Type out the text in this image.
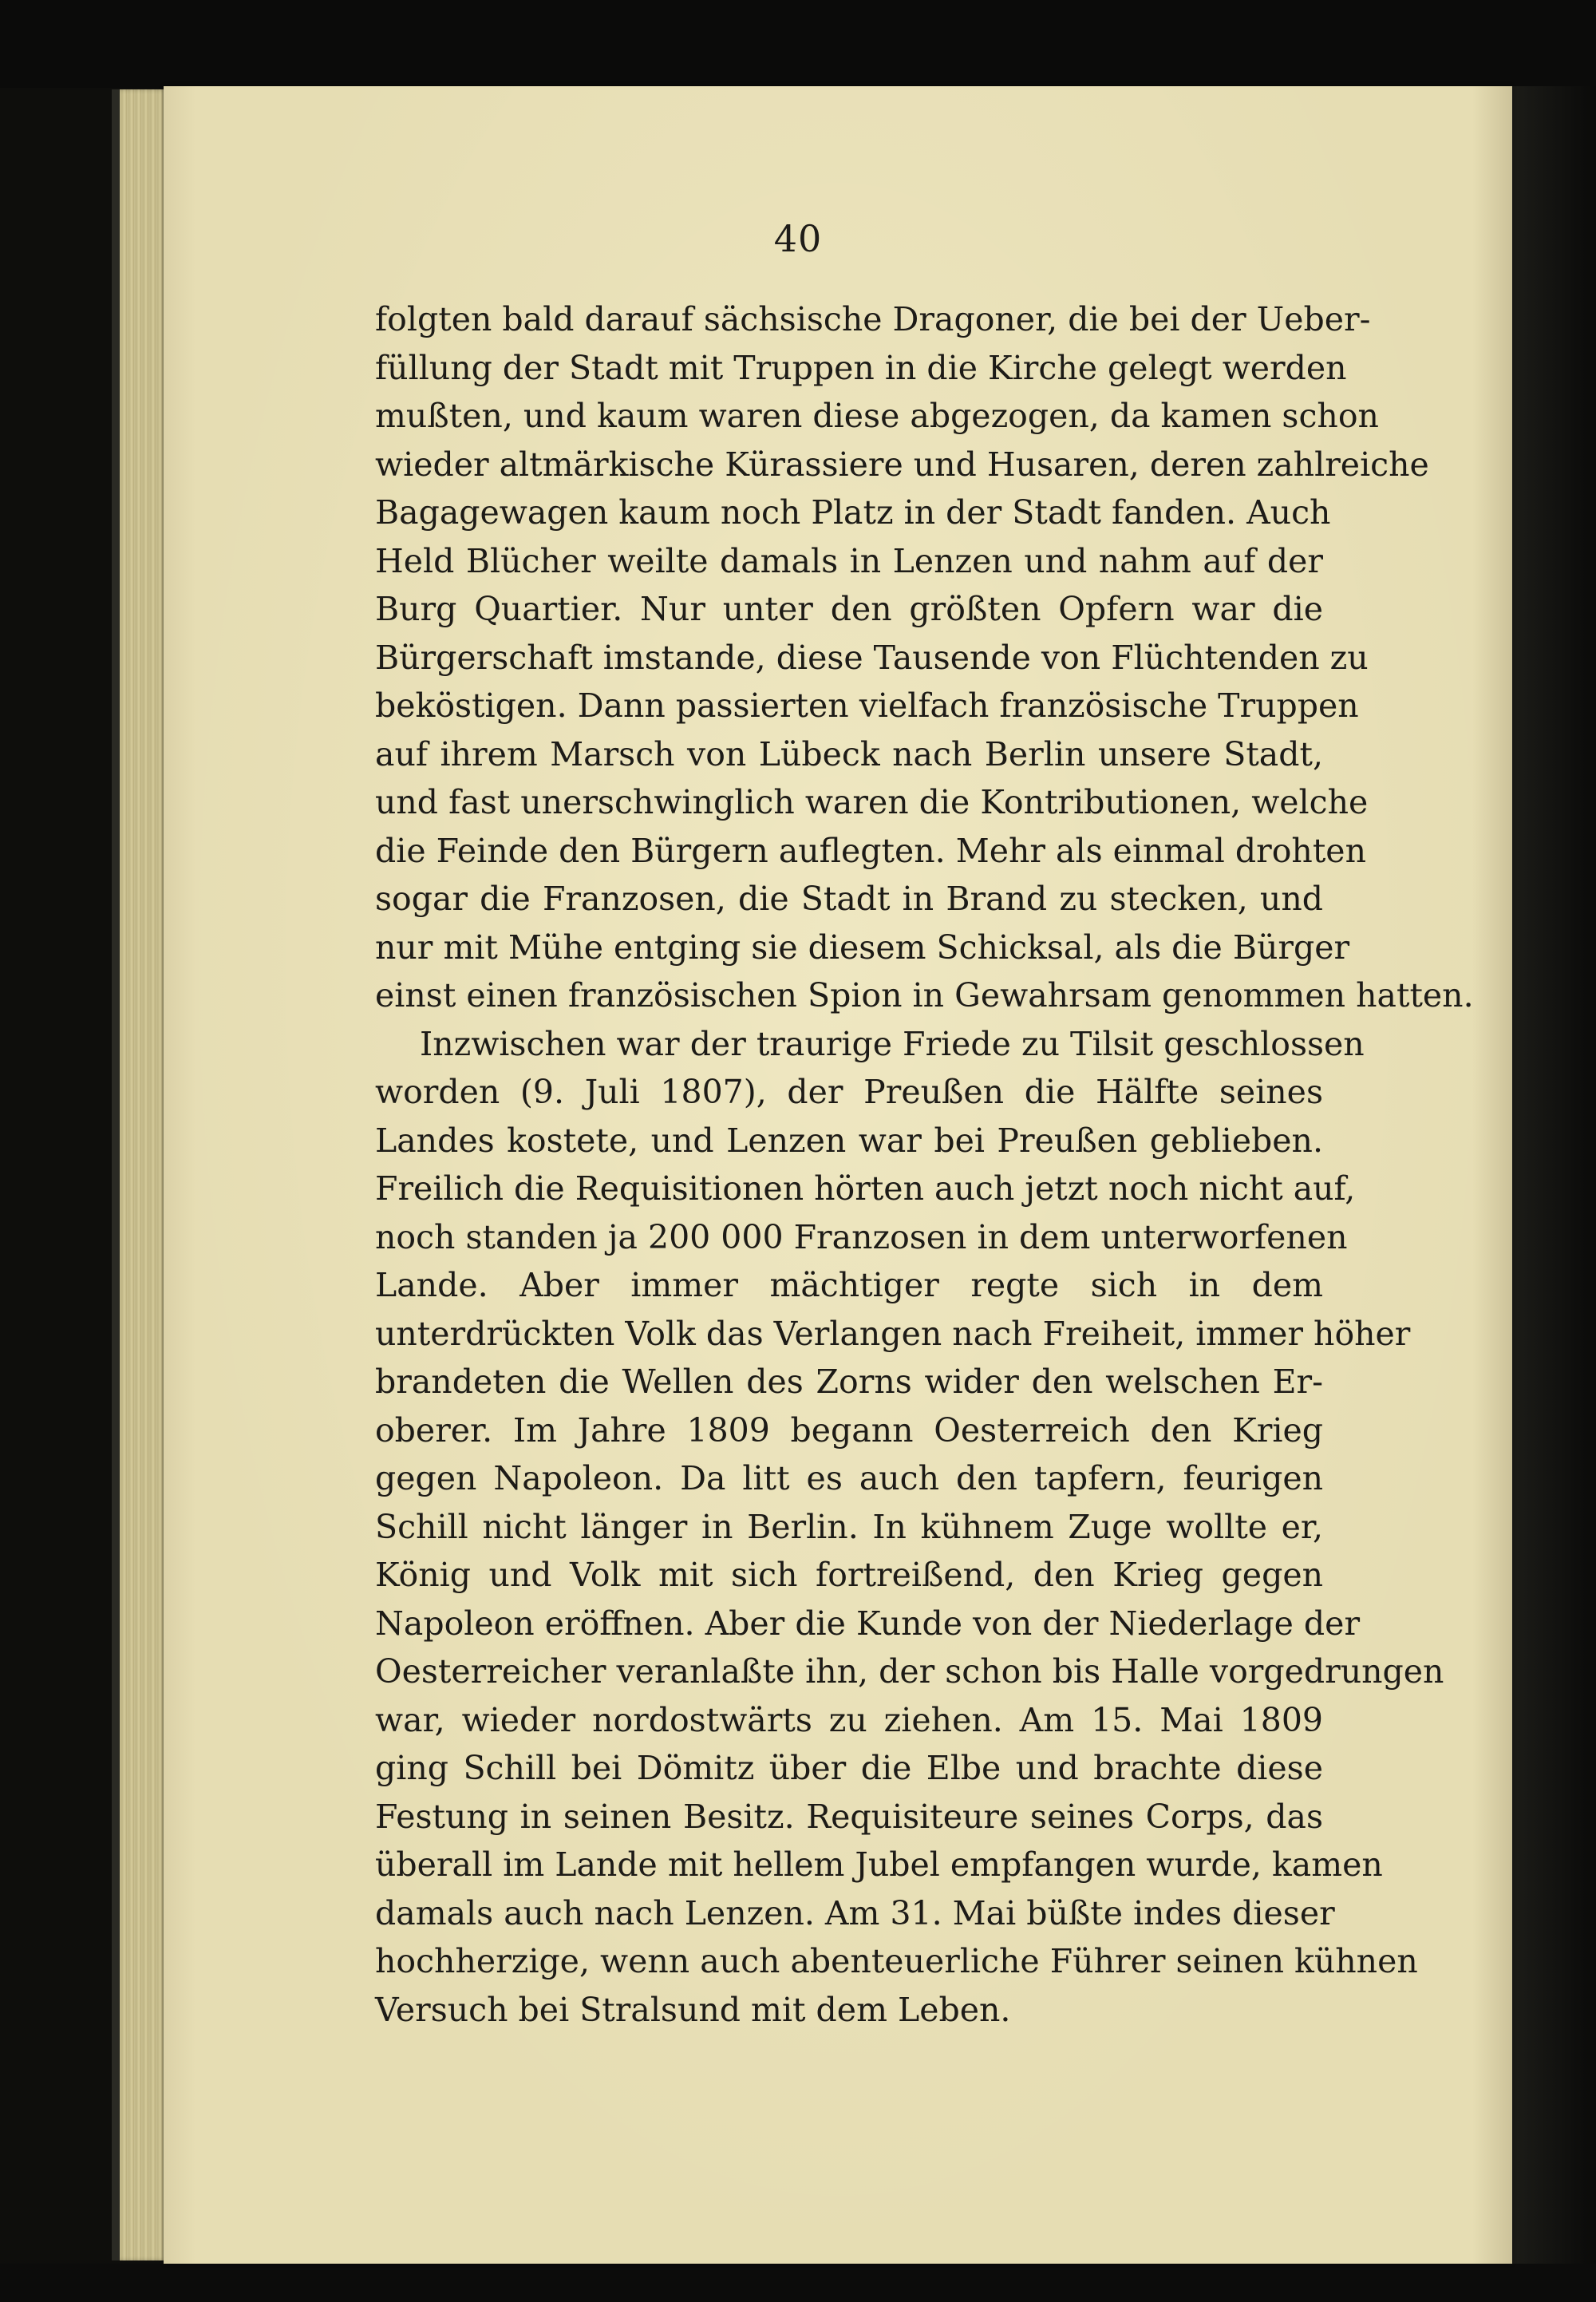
40
folgten bald darauf sächsische Dragoner, die bei der Ueber-
füllung der Stadt mit Truppen in die Kirche gelegt werden
mußten, und kaum waren diese abgezogen, da kamen schon
wieder altmärkische Kürassiere und Husaren, deren zahlreiche
Bagagewagen kaum noch Platz in der Stadt fanden. Auch
Held Blücher weilte damals in Lenzen und nahm auf der
Burg Quartier. Nur unter den größten Opfern war die
Bürgerschaft imstande, diese Tausende von Flüchtenden zu
beköstigen. Dann passierten vielfach französische Truppen
auf ihrem Marsch von Lübeck nach Berlin unsere Stadt,
und fast unerschwinglich waren die Kontributionen, welche
die Feinde den Bürgern auflegten. Mehr als einmal drohten
sogar die Franzosen, die Stadt in Brand zu stecken, und
nur mit Mühe entging sie diesem Schicksal, als die Bürger
einst einen französischen Spion in Gewahrsam genommen hatten.
Inzwischen war der traurige Friede zu Tilsit geschlossen
worden (9. Juli 1807), der Preußen die Hälfte seines
Landes kostete, und Lenzen war bei Preußen geblieben.
Freilich die Requisitionen hörten auch jetzt noch nicht auf,
noch standen ja 200 000 Franzosen in dem unterworfenen
Lande. Aber immer mächtiger regte sich in dem
unterdrückten Volk das Verlangen nach Freiheit, immer höher
brandeten die Wellen des Zorns wider den welschen Er-
oberer. Im Jahre 1809 begann Oesterreich den Krieg
gegen Napoleon. Da litt es auch den tapfern, feurigen
Schill nicht länger in Berlin. In kühnem Zuge wollte er,
König und Volk mit sich fortreißend, den Krieg gegen
Napoleon eröffnen. Aber die Kunde von der Niederlage der
Oesterreicher veranlaßte ihn, der schon bis Halle vorgedrungen
war, wieder nordostwärts zu ziehen. Am 15. Mai 1809
ging Schill bei Dömitz über die Elbe und brachte diese
Festung in seinen Besitz. Requisiteure seines Corps, das
überall im Lande mit hellem Jubel empfangen wurde, kamen
damals auch nach Lenzen. Am 31. Mai büßte indes dieser
hochherzige, wenn auch abenteuerliche Führer seinen kühnen
Versuch bei Stralsund mit dem Leben.
